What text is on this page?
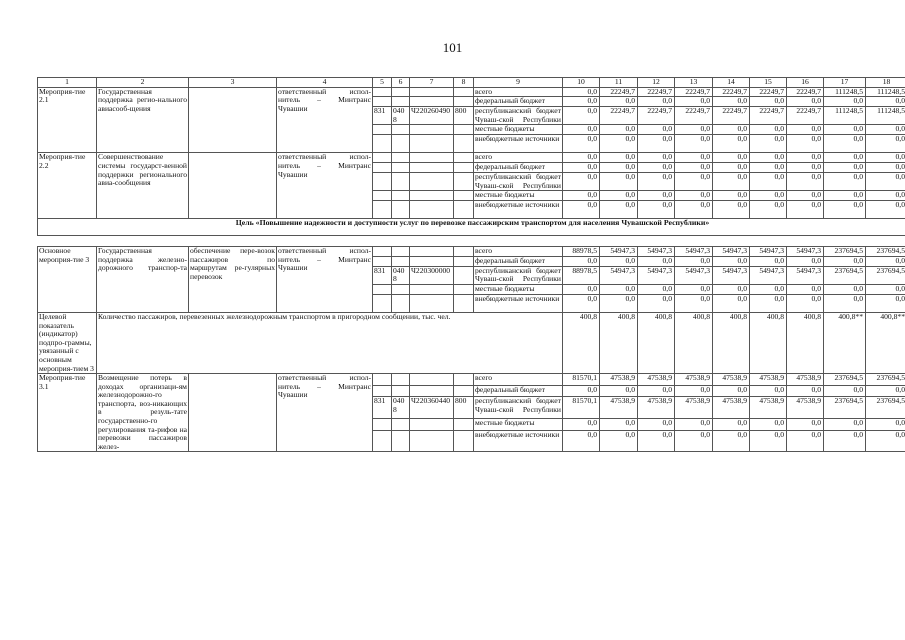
101
1	2	3	4	5	6	7	8	9	10	11	12	13	14	15	16	17	18
Мероприя-тие 2.1	Государственная поддержка регио-нального авиасооб-щения		ответственный испол-нитель – Минтранс Чувашии					всего	0,0	22249,7	22249,7	22249,7	22249,7	22249,7	22249,7	111248,5	111248,5
								федеральный бюджет	0,0	0,0	0,0	0,0	0,0	0,0	0,0	0,0	0,0
				831	0408	Ч220260490	800	республиканский бюджет Чуваш-ской Республики	0,0	22249,7	22249,7	22249,7	22249,7	22249,7	22249,7	111248,5	111248,5
								местные бюджеты	0,0	0,0	0,0	0,0	0,0	0,0	0,0	0,0	0,0
								внебюджетные источники	0,0	0,0	0,0	0,0	0,0	0,0	0,0	0,0	0,0
Мероприя-тие 2.2	Совершенствование системы государст-венной поддержки регионального авиа-сообщения		ответственный испол-нитель – Минтранс Чувашии					всего	0,0	0,0	0,0	0,0	0,0	0,0	0,0	0,0	0,0
								федеральный бюджет	0,0	0,0	0,0	0,0	0,0	0,0	0,0	0,0	0,0
								республиканский бюджет Чуваш-ской Республики	0,0	0,0	0,0	0,0	0,0	0,0	0,0	0,0	0,0
								местные бюджеты	0,0	0,0	0,0	0,0	0,0	0,0	0,0	0,0	0,0
								внебюджетные источники	0,0	0,0	0,0	0,0	0,0	0,0	0,0	0,0	0,0
Цель «Повышение надежности и доступности услуг по перевозке пассажирским транспортом для населения Чувашской Республики»																	

Основное мероприя-тие 3	Государственная поддержка железно-дорожного транспор-та	обеспечение пере-возок пассажиров по маршрутам ре-гулярных перевозок	ответственный испол-нитель – Минтранс Чувашии					всего	88978,5	54947,3	54947,3	54947,3	54947,3	54947,3	54947,3	237694,5	237694,5
								федеральный бюджет	0,0	0,0	0,0	0,0	0,0	0,0	0,0	0,0	0,0
				831	0408	Ч220300000		республиканский бюджет Чуваш-ской Республики	88978,5	54947,3	54947,3	54947,3	54947,3	54947,3	54947,3	237694,5	237694,5
								местные бюджеты	0,0	0,0	0,0	0,0	0,0	0,0	0,0	0,0	0,0
								внебюджетные источники	0,0	0,0	0,0	0,0	0,0	0,0	0,0	0,0	0,0
Целевой показатель (индикатор) подпро-граммы, увязанный с основным мероприя-тием 3	Количество пассажиров, перевезенных железнодорожным транспортом в пригородном сообщении, тыс. чел.								400,8	400,8	400,8	400,8	400,8	400,8	400,8	400,8**	400,8**
Мероприя-тие 3.1	Возмещение потерь в доходах организаци-ям железнодорожно-го транспорта, воз-никающих в резуль-тате государственно-го регулирования та-рифов на перевозки пассажиров желез-		ответственный испол-нитель – Минтранс Чувашии					всего	81570,1	47538,9	47538,9	47538,9	47538,9	47538,9	47538,9	237694,5	237694,5
								федеральный бюджет	0,0	0,0	0,0	0,0	0,0	0,0	0,0	0,0	0,0
				831	0408	Ч220360440	800	республиканский бюджет Чуваш-ской Республики	81570,1	47538,9	47538,9	47538,9	47538,9	47538,9	47538,9	237694,5	237694,5
								местные бюджеты	0,0	0,0	0,0	0,0	0,0	0,0	0,0	0,0	0,0
								внебюджетные источники	0,0	0,0	0,0	0,0	0,0	0,0	0,0	0,0	0,0
